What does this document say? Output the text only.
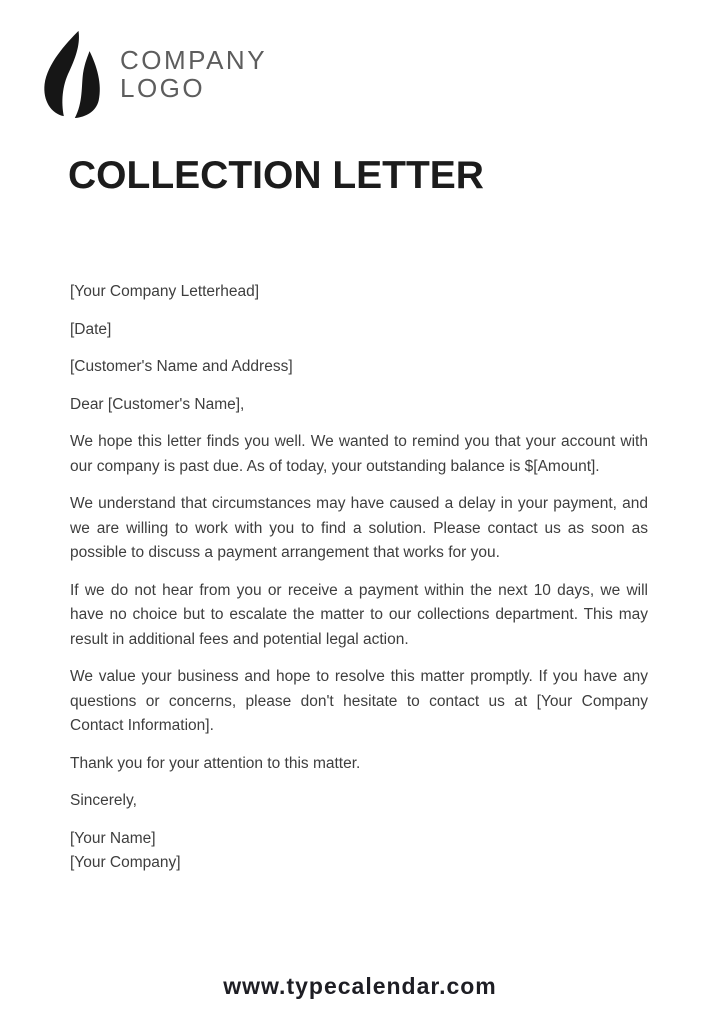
COMPANY
LOGO
COLLECTION LETTER

[Your Company Letterhead]

[Date]

[Customer's Name and Address]

Dear [Customer's Name],

We hope this letter finds you well. We wanted to remind you that your account with our company is past due. As of today, your outstanding balance is $[Amount].

We understand that circumstances may have caused a delay in your payment, and we are willing to work with you to find a solution. Please contact us as soon as possible to discuss a payment arrangement that works for you.

If we do not hear from you or receive a payment within the next 10 days, we will have no choice but to escalate the matter to our collections department. This may result in additional fees and potential legal action.

We value your business and hope to resolve this matter promptly. If you have any questions or concerns, please don't hesitate to contact us at [Your Company Contact Information].

Thank you for your attention to this matter.

Sincerely,

[Your Name]
[Your Company]

www.typecalendar.com
